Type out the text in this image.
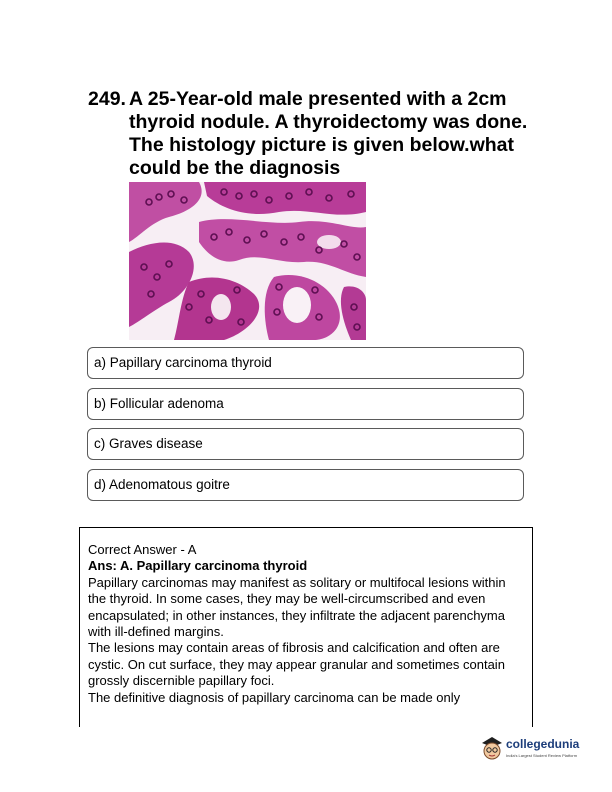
249. A 25-Year-old male presented with a 2cm thyroid nodule. A thyroidectomy was done. The histology picture is given below.what could be the diagnosis
a) Papillary carcinoma thyroid
b) Follicular adenoma
c) Graves disease
d) Adenomatous goitre

Correct Answer - A

Ans: A. Papillary carcinoma thyroid

Papillary carcinomas may manifest as solitary or multifocal lesions within the thyroid. In some cases, they may be well-circumscribed and even encapsulated; in other instances, they infiltrate the adjacent parenchyma with ill-defined margins.

The lesions may contain areas of fibrosis and calcification and often are cystic. On cut surface, they may appear granular and sometimes contain grossly discernible papillary foci.

The definitive diagnosis of papillary carcinoma can be made only

collegedunia
India's Largest Student Review Platform
